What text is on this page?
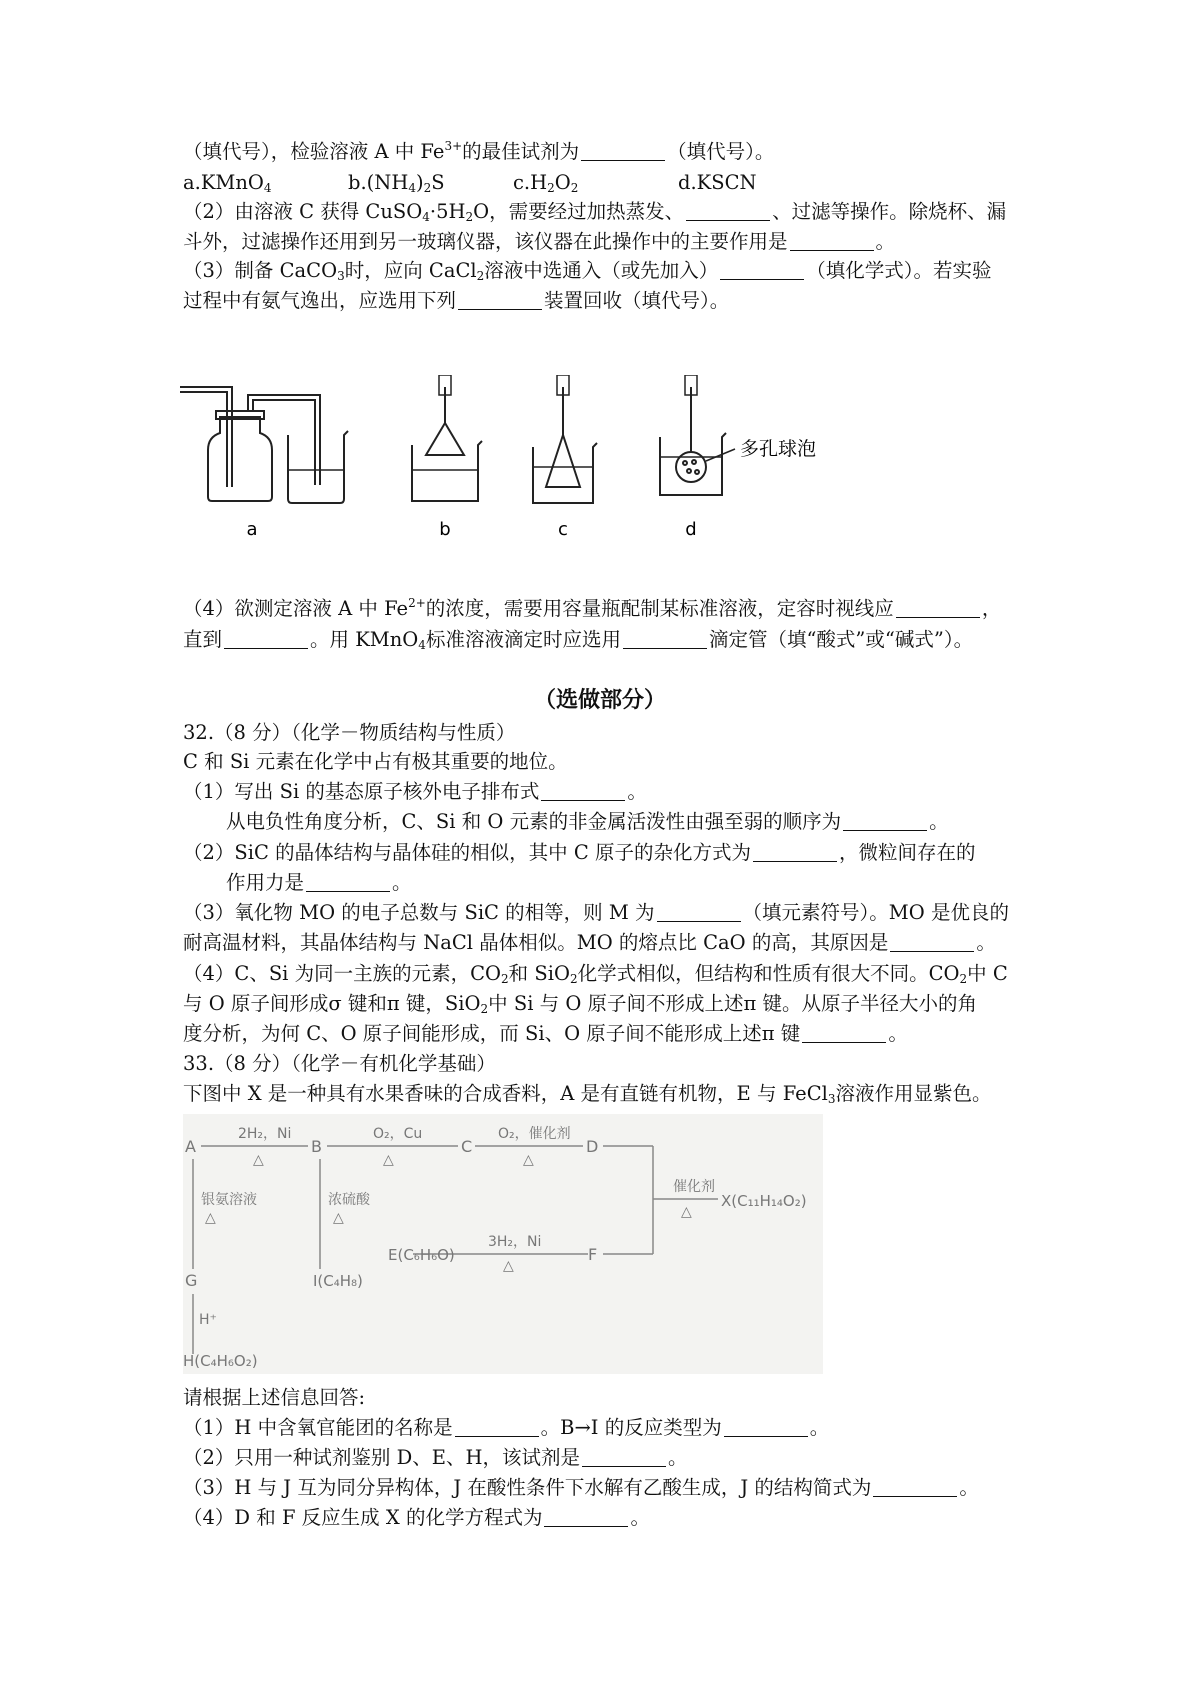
（填代号），检验溶液 A 中 $Fe^{3+}$的最佳试剂为	（填代号）。
a.KMnO$_4$	$b.(NH_4)_2S$	$c.H_2O_2$	d.KSCN
（2）由溶液 C 获得 $CuSO_4\cdot 5H_2O$，需要经过加热蒸发、	、过滤等操作。除烧杯、漏
斗外，过滤操作还用到另一玻璃仪器，该仪器在此操作中的主要作用是	。
（3）制备 CaCO$_3$时，应向 CaCl$_2$溶液中选通入（或先加入）	（填化学式）。若实验
过程中有氨气逸出，应选用下列	装置回收（填代号）。
a	b	c	d
多孔球泡
（4）欲测定溶液 A 中 $Fe^{2+}$的浓度，需要用容量瓶配制某标准溶液，定容时视线应	，
直到	。用 KMnO$_4$标准溶液滴定时应选用	滴定管（填“酸式”或“碱式”）。
（选做部分）
32.（8 分）（化学－物质结构与性质）
C 和 Si 元素在化学中占有极其重要的地位。
（1）写出 Si 的基态原子核外电子排布式	。
从电负性角度分析，C、Si 和 O 元素的非金属活泼性由强至弱的顺序为	。
（2）SiC 的晶体结构与晶体硅的相似，其中 C 原子的杂化方式为	，微粒间存在的
作用力是	。
（3）氧化物 MO 的电子总数与 SiC 的相等，则 M 为	（填元素符号）。MO 是优良的
耐高温材料，其晶体结构与 NaCl 晶体相似。MO 的熔点比 CaO 的高，其原因是	。
（4）C、Si 为同一主族的元素，$CO_2$和 SiO$_2$化学式相似，但结构和性质有很大不同。$CO_2$中 C
与 O 原子间形成σ 键和π 键，SiO$_2$中 Si 与 O 原子间不形成上述π 键。从原子半径大小的角
度分析，为何 C、O 原子间能形成，而 Si、O 原子间不能形成上述π 键	。
33.（8 分）（化学－有机化学基础）
下图中 X 是一种具有水果香味的合成香料，A 是有直链有机物，E 与 FeCl$_3$溶液作用显紫色。
A	B	C	D
2H₂，Ni	O₂，Cu	O₂，催化剂
△	△	△
催化剂
X(C₁₁H₁₄O₂)
△
银氨溶液
△
浓硫酸
△
E(C₆H₆O)
3H₂，Ni
△
F
G	I(C₄H₈)
H⁺
H(C₄H₆O₂)
请根据上述信息回答:
（1）H 中含氧官能团的名称是	。B→I 的反应类型为	。
（2）只用一种试剂鉴别 D、E、H，该试剂是	。
（3）H 与 J 互为同分异构体，J 在酸性条件下水解有乙酸生成，J 的结构简式为	。
（4）D 和 F 反应生成 X 的化学方程式为	。
